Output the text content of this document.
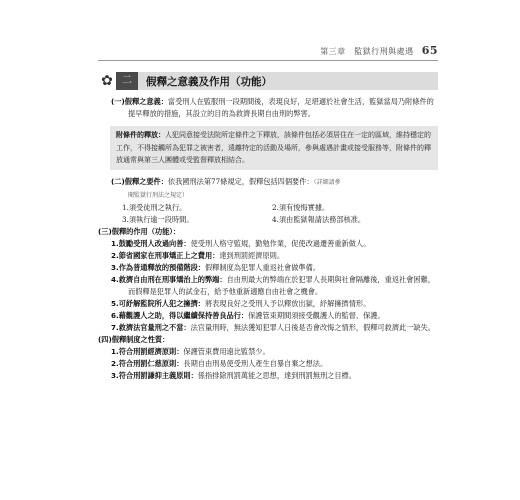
第三章　監獄行刑與處遇 65
✿ 二	假釋之意義及作用（功能）

(一)假釋之意義：當受刑人在監服刑一段期間後，表現良好，足堪適於社會生活，監獄當局乃附條件的提早釋放的措施，其設立的目的為救濟長期自由刑的弊害。

附條件的釋放：人犯同意接受法院所定條件之下釋放，該條件包括必須居住在一定的區域，維持穩定的工作，不得接觸所為犯罪之被害者，遠離特定的活動及場所，參與處遇計畫或接受服務等，附條件的釋放通常與第三人團體或受監督釋放相結合。

(二)假釋之要件：依我國刑法第77條規定，假釋包括四個要件：（詳細請參
閱監獄行刑法之規定）

1.須受徒刑之執行。	2.須有悛悔實據。
3.須執行逾一段時間。	4.須由監獄報請法務部核准。

(三)假釋的作用（功能）：

1.鼓勵受刑人改過向善：使受刑人格守監規，勤勉作業，促使改過遷善重新做人。

2.節省國家在刑事矯正上之費用：達到刑罰經濟原則。

3.作為普通釋放的預備階段：假釋制度為犯罪人重返社會做準備。

4.救濟自由刑在刑事矯治上的弊端：自由刑最大的弊端在於犯罪人長期與社會隔離後，重返社會困難，而假釋是犯罪人的試金石，給予他重新適應自由社會之機會。

5.可紓解監院所人犯之擁擠：將表現良好之受刑人予以釋放出獄，紓解擁擠情形。

6.藉觀護人之助，得以繼續保持善良品行：保護管束期間須接受觀護人的監督、保護。

7.救濟法官量刑之不當：法官量刑時，無法獲知犯罪人日後是否會改悔之情形，假釋可救濟此一缺失。

(四)假釋制度之性質：

1.符合刑罰經濟原則：保護管束費用遠比監禁少。

2.符合刑罰仁慈原則：長期自由刑易使受刑人產生自暴自棄之想法。

3.符合刑罰謙抑主義原則：係指排除刑罰萬能之思想，達到刑罰無刑之目標。
